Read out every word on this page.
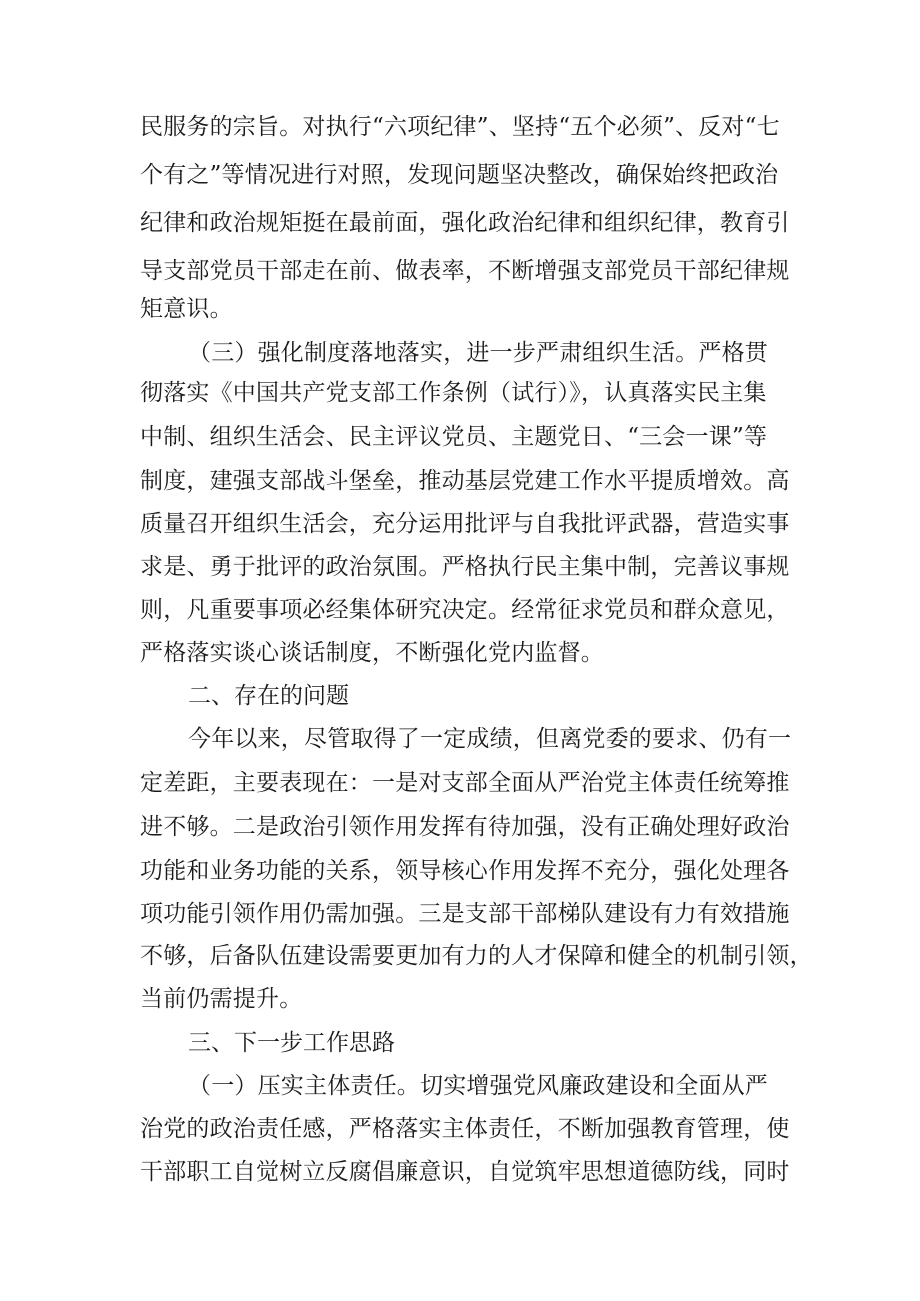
民服务的宗旨。对执行“六项纪律”、坚持“五个必须”、反对“七
个有之”等情况进行对照，发现问题坚决整改，确保始终把政治
纪律和政治规矩挺在最前面，强化政治纪律和组织纪律，教育引
导支部党员干部走在前、做表率，不断增强支部党员干部纪律规
矩意识。
（三）强化制度落地落实，进一步严肃组织生活。严格贯
彻落实《中国共产党支部工作条例（试行）》，认真落实民主集
中制、组织生活会、民主评议党员、主题党日、“三会一课”等
制度，建强支部战斗堡垒，推动基层党建工作水平提质增效。高
质量召开组织生活会，充分运用批评与自我批评武器，营造实事
求是、勇于批评的政治氛围。严格执行民主集中制，完善议事规
则，凡重要事项必经集体研究决定。经常征求党员和群众意见，
严格落实谈心谈话制度，不断强化党内监督。
二、存在的问题
今年以来，尽管取得了一定成绩，但离党委的要求、仍有一
定差距，主要表现在：一是对支部全面从严治党主体责任统筹推
进不够。二是政治引领作用发挥有待加强，没有正确处理好政治
功能和业务功能的关系，领导核心作用发挥不充分，强化处理各
项功能引领作用仍需加强。三是支部干部梯队建设有力有效措施
不够，后备队伍建设需要更加有力的人才保障和健全的机制引领，
当前仍需提升。
三、下一步工作思路
（一）压实主体责任。切实增强党风廉政建设和全面从严
治党的政治责任感，严格落实主体责任，不断加强教育管理，使
干部职工自觉树立反腐倡廉意识，自觉筑牢思想道德防线，同时
